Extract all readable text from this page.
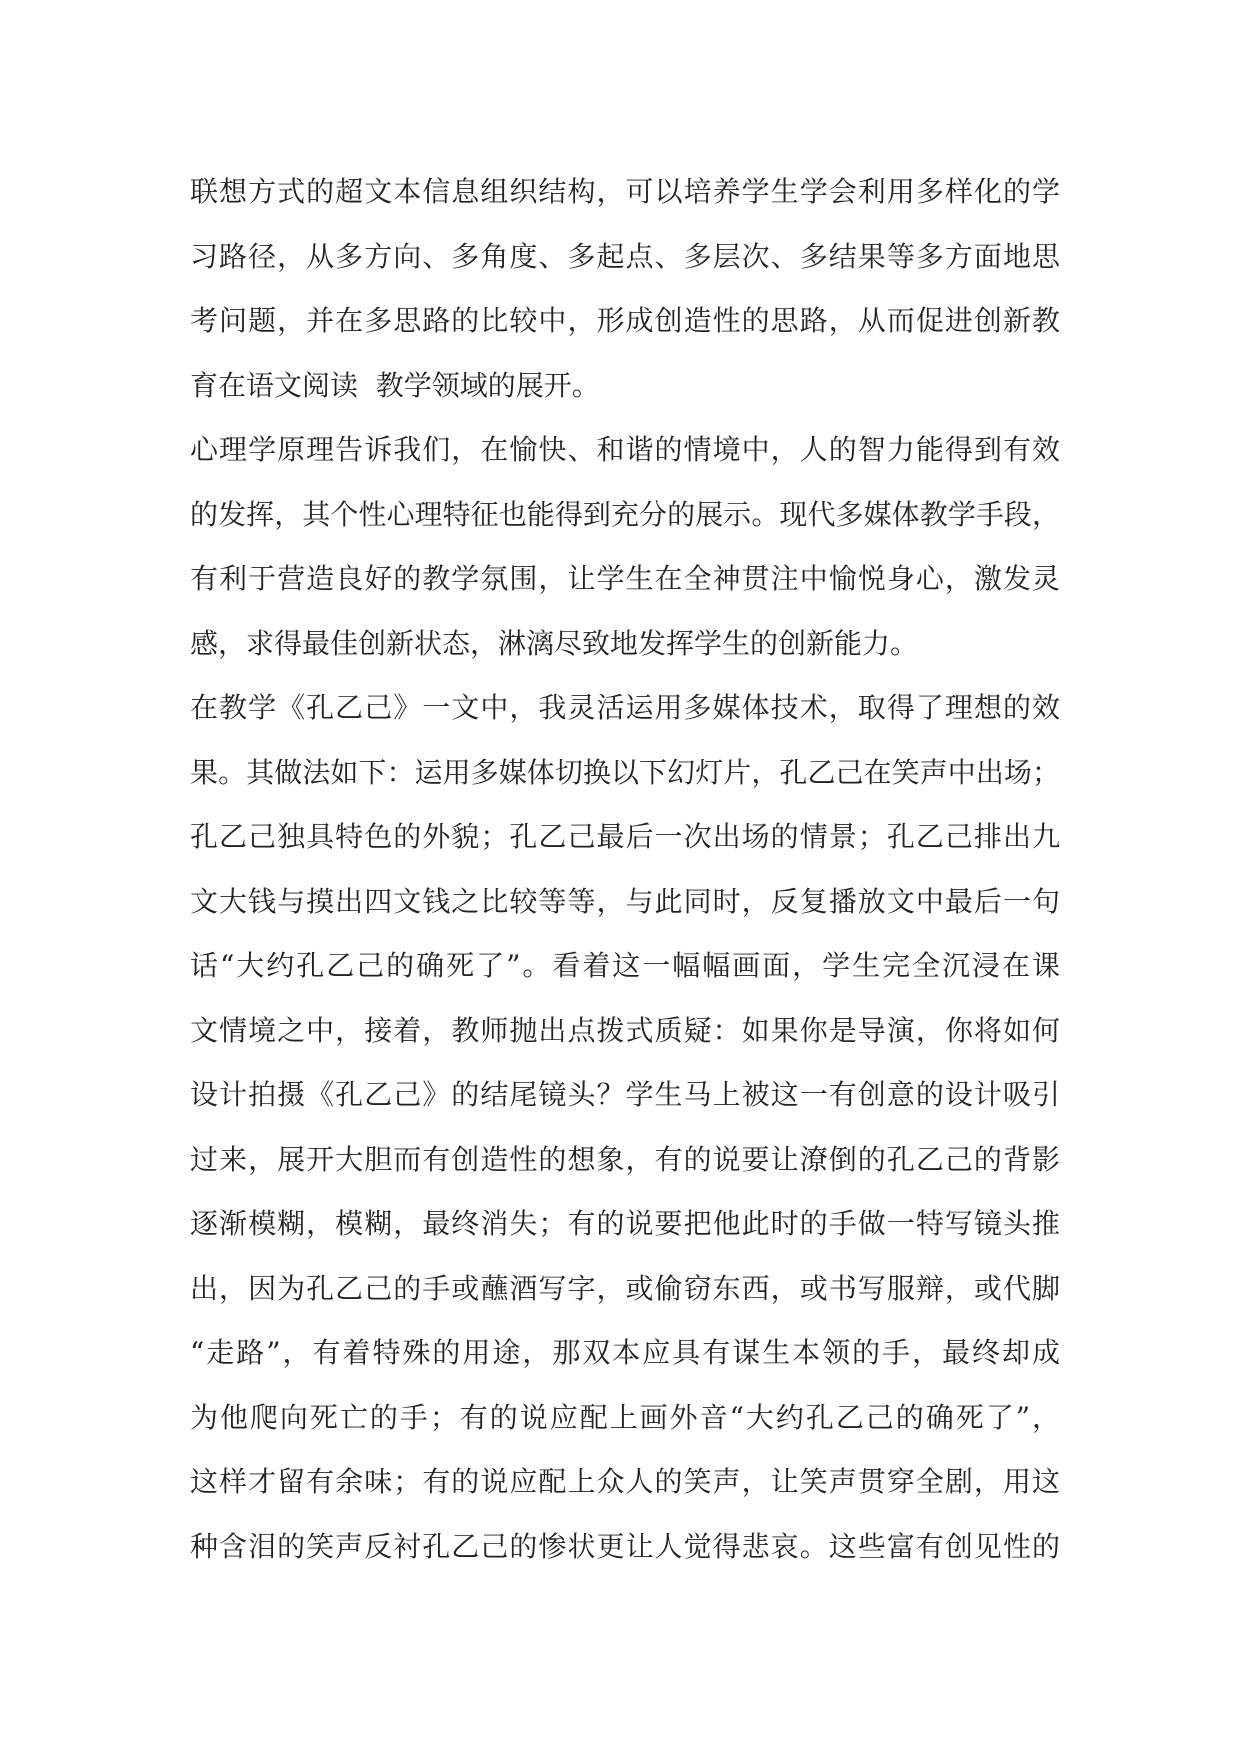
联想方式的超文本信息组织结构，可以培养学生学会利用多样化的学
习路径，从多方向、多角度、多起点、多层次、多结果等多方面地思
考问题，并在多思路的比较中，形成创造性的思路，从而促进创新教
育在语文阅读  教学领域的展开。
心理学原理告诉我们，在愉快、和谐的情境中，人的智力能得到有效
的发挥，其个性心理特征也能得到充分的展示。现代多媒体教学手段，
有利于营造良好的教学氛围，让学生在全神贯注中愉悦身心，激发灵
感，求得最佳创新状态，淋漓尽致地发挥学生的创新能力。
在教学《孔乙己》一文中，我灵活运用多媒体技术，取得了理想的效
果。其做法如下：运用多媒体切换以下幻灯片，孔乙己在笑声中出场；
孔乙己独具特色的外貌；孔乙己最后一次出场的情景；孔乙己排出九
文大钱与摸出四文钱之比较等等，与此同时，反复播放文中最后一句
话“大约孔乙己的确死了”。看着这一幅幅画面，学生完全沉浸在课
文情境之中，接着，教师抛出点拨式质疑：如果你是导演，你将如何
设计拍摄《孔乙己》的结尾镜头？学生马上被这一有创意的设计吸引
过来，展开大胆而有创造性的想象，有的说要让潦倒的孔乙己的背影
逐渐模糊，模糊，最终消失；有的说要把他此时的手做一特写镜头推
出，因为孔乙己的手或蘸酒写字，或偷窃东西，或书写服辩，或代脚
“走路”，有着特殊的用途，那双本应具有谋生本领的手，最终却成
为他爬向死亡的手；有的说应配上画外音“大约孔乙己的确死了”，
这样才留有余味；有的说应配上众人的笑声，让笑声贯穿全剧，用这
种含泪的笑声反衬孔乙己的惨状更让人觉得悲哀。这些富有创见性的
